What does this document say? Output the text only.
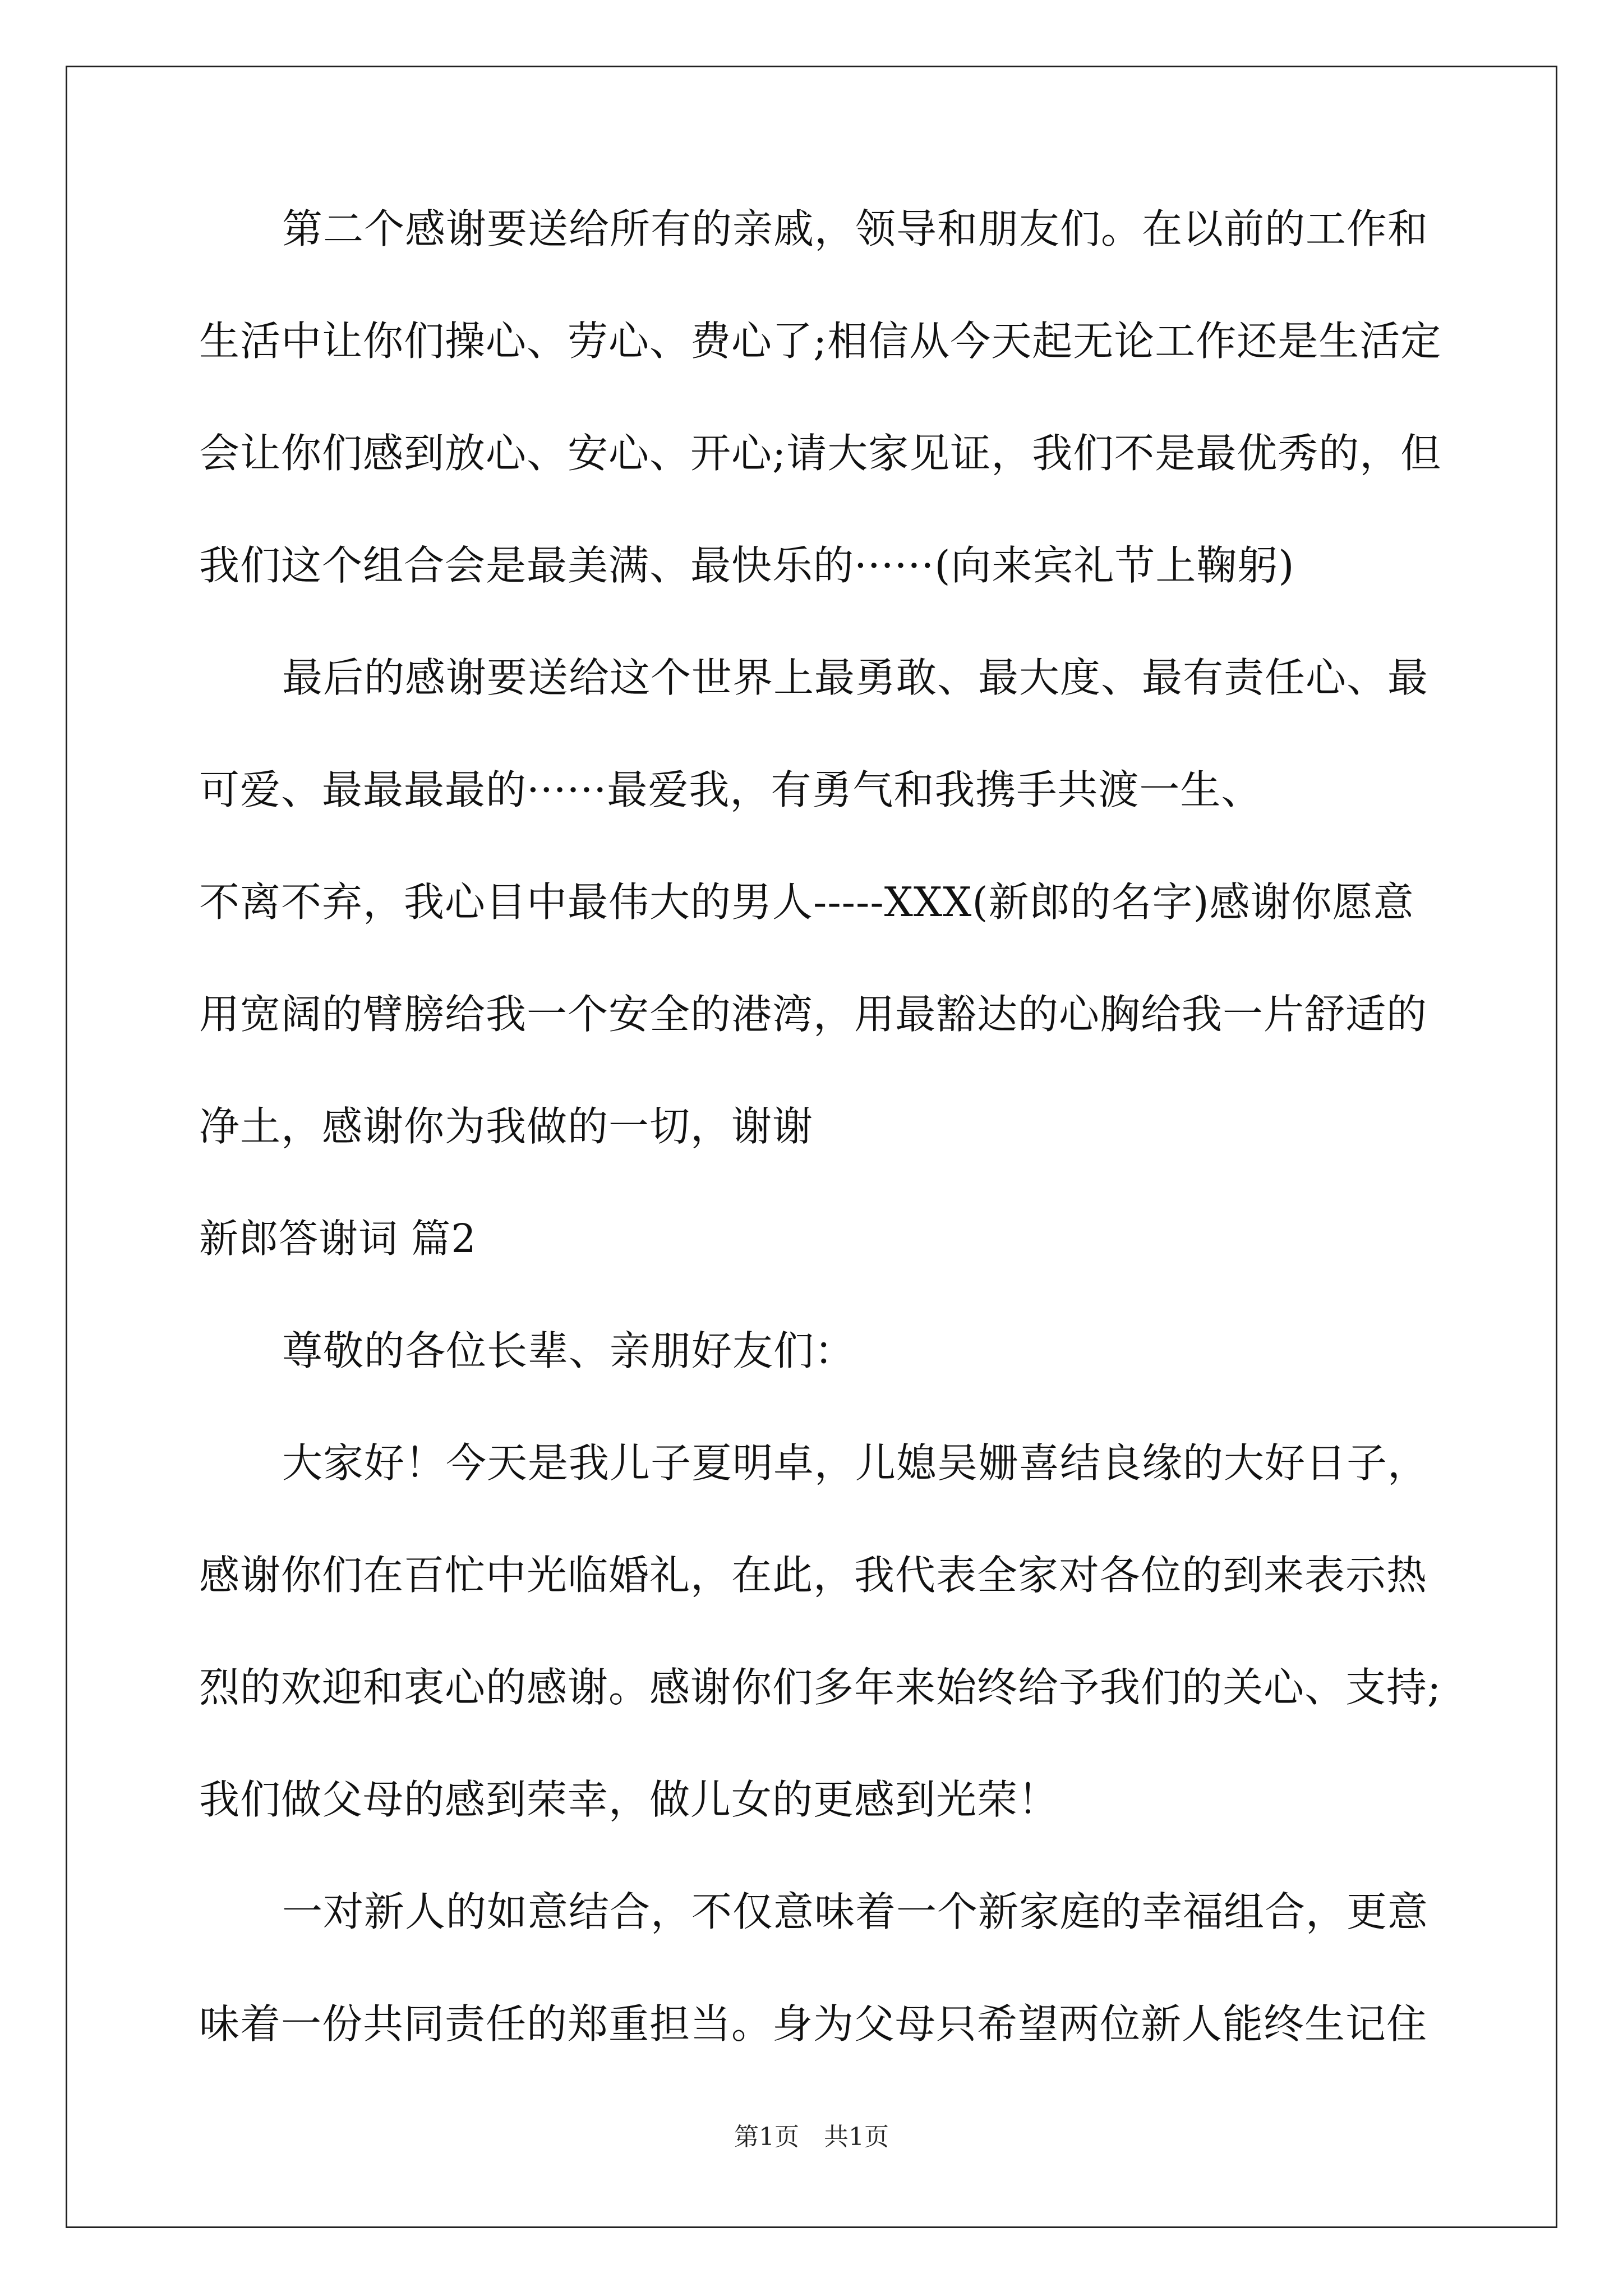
第二个感谢要送给所有的亲戚，领导和朋友们。在以前的工作和
生活中让你们操心、劳心、费心了;相信从今天起无论工作还是生活定
会让你们感到放心、安心、开心;请大家见证，我们不是最优秀的，但
我们这个组合会是最美满、最快乐的······(向来宾礼节上鞠躬)
最后的感谢要送给这个世界上最勇敢、最大度、最有责任心、最
可爱、最最最最的······最爱我，有勇气和我携手共渡一生、
不离不弃，我心目中最伟大的男人-----XXX(新郎的名字)感谢你愿意
用宽阔的臂膀给我一个安全的港湾，用最豁达的心胸给我一片舒适的
净土，感谢你为我做的一切，谢谢
新郎答谢词 篇2
尊敬的各位长辈、亲朋好友们：
大家好！今天是我儿子夏明卓，儿媳吴姗喜结良缘的大好日子，
感谢你们在百忙中光临婚礼，在此，我代表全家对各位的到来表示热
烈的欢迎和衷心的感谢。感谢你们多年来始终给予我们的关心、支持;
我们做父母的感到荣幸，做儿女的更感到光荣！
一对新人的如意结合，不仅意味着一个新家庭的幸福组合，更意
味着一份共同责任的郑重担当。身为父母只希望两位新人能终生记住
第1页　共1页
